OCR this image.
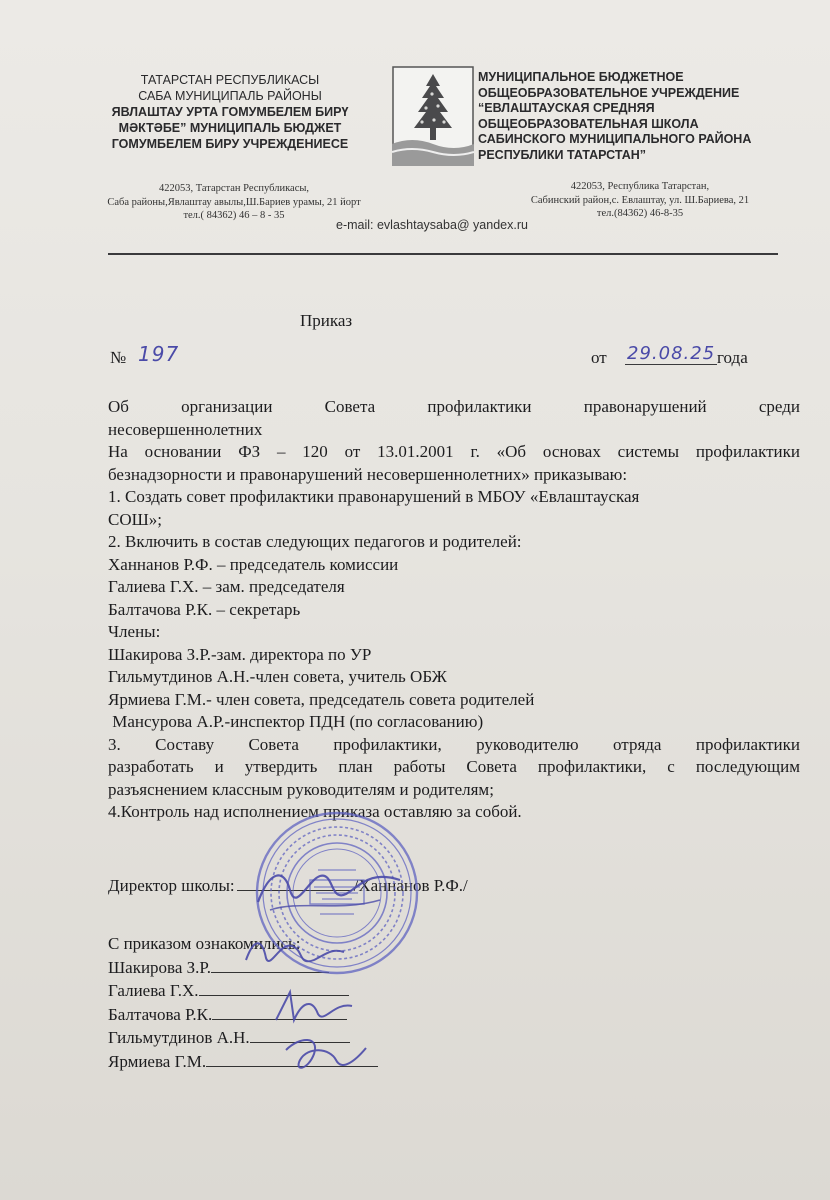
ТАТАРСТАН РЕСПУБЛИКАСЫ
САБА МУНИЦИПАЛЬ РАЙОНЫ
ЯВЛАШТАУ УРТА ГОМУМБЕЛЕМ БИРҮ
МӘКТӘБЕ” МУНИЦИПАЛЬ БЮДЖЕТ
ГОМУМБЕЛЕМ БИРУ УЧРЕЖДЕНИЕСЕ
МУНИЦИПАЛЬНОЕ БЮДЖЕТНОЕ
ОБЩЕОБРАЗОВАТЕЛЬНОЕ УЧРЕЖДЕНИЕ
“ЕВЛАШТАУСКАЯ СРЕДНЯЯ
ОБЩЕОБРАЗОВАТЕЛЬНАЯ ШКОЛА
САБИНСКОГО МУНИЦИПАЛЬНОГО РАЙОНА
РЕСПУБЛИКИ ТАТАРСТАН”
422053, Татарстан Республикасы,
Саба районы,Явлаштау авылы,Ш.Бариев урамы, 21 йорт
тел.( 84362) 46 – 8 - 35
422053, Республика Татарстан,
Сабинский район,с. Евлаштау, ул. Ш.Бариева, 21
тел.(84362) 46-8-35
e-mail: evlashtaysaba@ yandex.ru
Приказ
№ 197	от 29.08.25 года

Об организации Совета профилактики правонарушений среди

несовершеннолетних

На основании ФЗ – 120 от 13.01.2001 г. «Об основах системы профилактики

безнадзорности и правонарушений несовершеннолетних» приказываю:

1. Создать совет профилактики правонарушений в МБОУ «Евлаштауская

СОШ»;

2. Включить в состав следующих педагогов и родителей:

Ханнанов Р.Ф. – председатель комиссии

Галиева Г.Х. – зам. председателя

Балтачова Р.К. – секретарь

Члены:

Шакирова З.Р.-зам. директора по УР

Гильмутдинов А.Н.-член совета, учитель ОБЖ

Ярмиева Г.М.- член совета, председатель совета родителей

Мансурова А.Р.-инспектор ПДН (по согласованию)

3. Составу Совета профилактики, руководителю отряда профилактики

разработать и утвердить план работы Совета профилактики, с последующим

разъяснением классным руководителям и родителям;

4.Контроль над исполнением приказа оставляю за собой.

Директор школы:	/Ханнанов Р.Ф./
С приказом ознакомились:
Шакирова З.Р.
Галиева Г.Х.
Балтачова Р.К.
Гильмутдинов А.Н.
Ярмиева Г.М.
